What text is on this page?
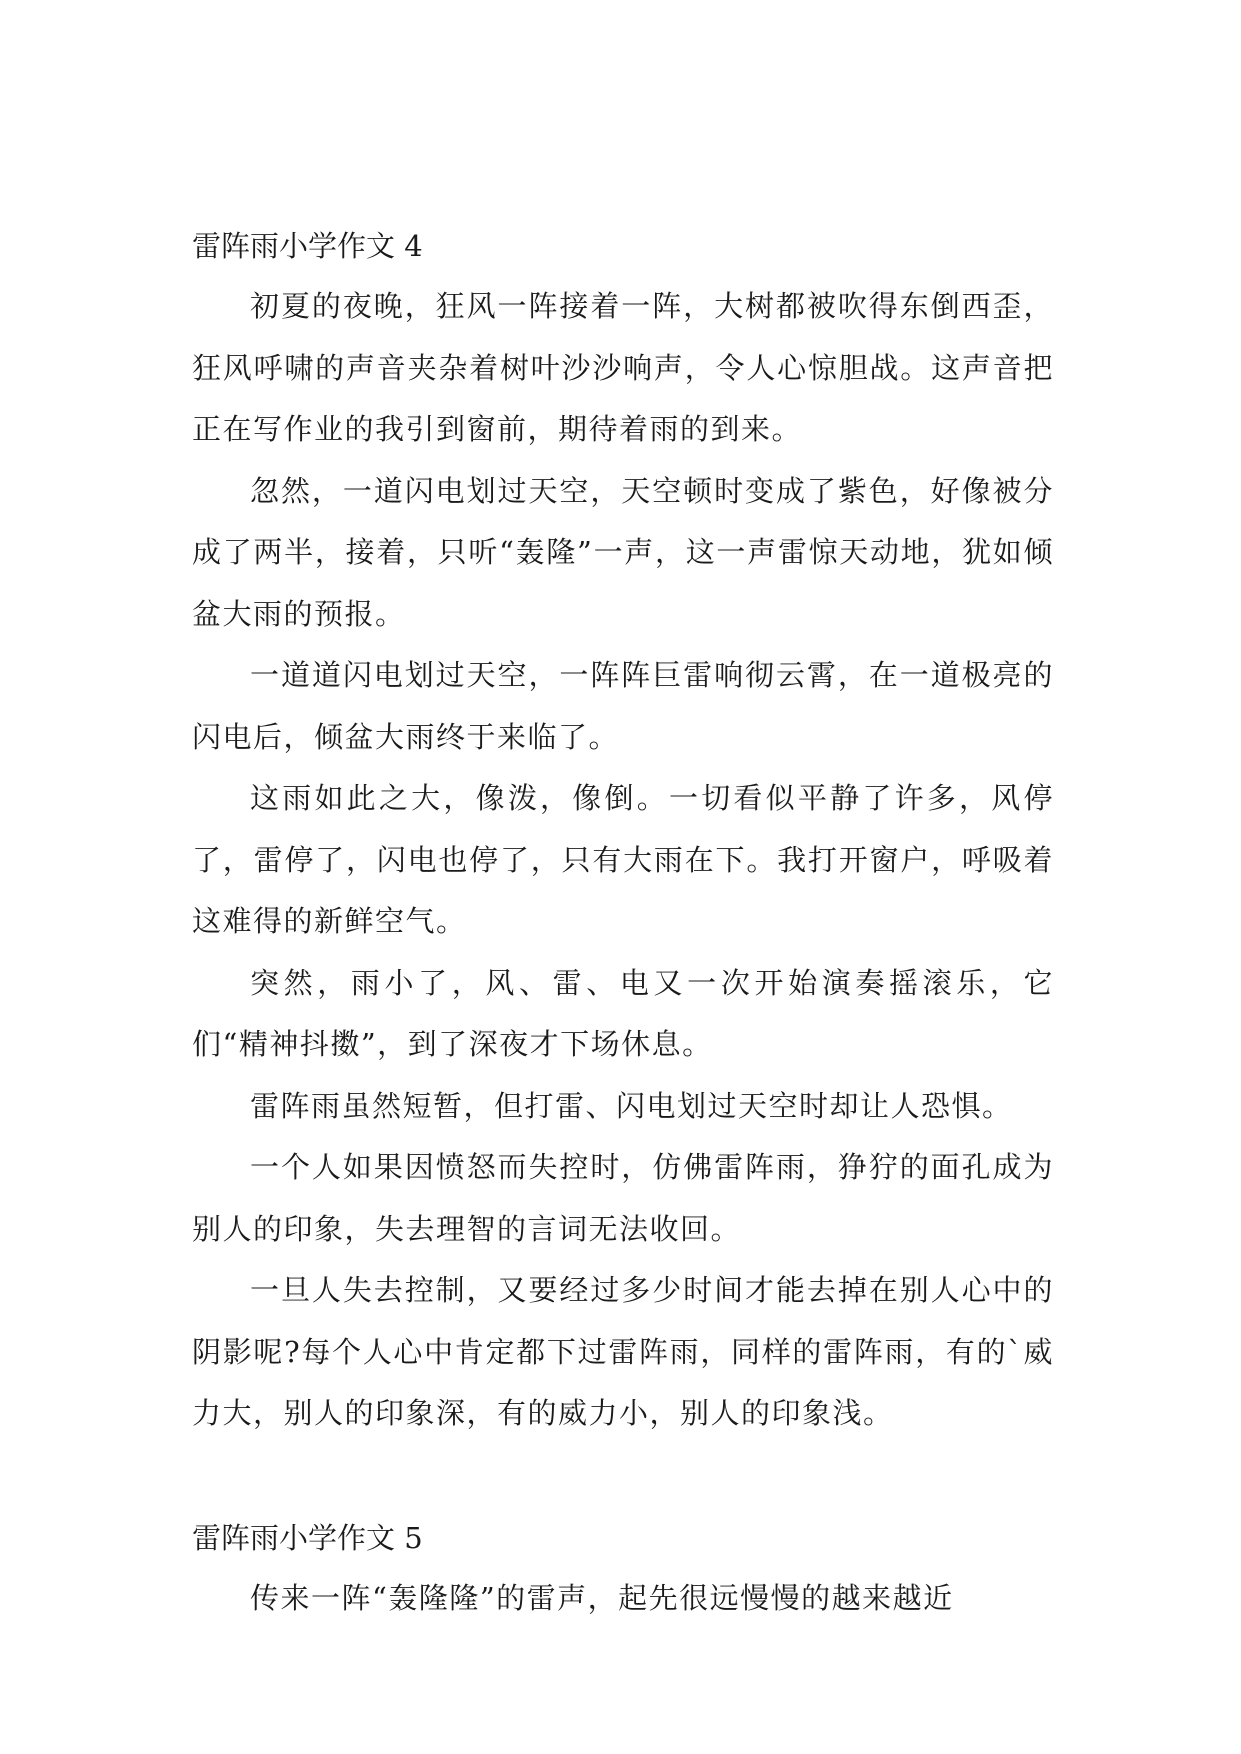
雷阵雨小学作文 4

初夏的夜晚，狂风一阵接着一阵，大树都被吹得东倒西歪，狂风呼啸的声音夹杂着树叶沙沙响声，令人心惊胆战。这声音把正在写作业的我引到窗前，期待着雨的到来。

忽然，一道闪电划过天空，天空顿时变成了紫色，好像被分成了两半，接着，只听“轰隆”一声，这一声雷惊天动地，犹如倾盆大雨的预报。

一道道闪电划过天空，一阵阵巨雷响彻云霄，在一道极亮的闪电后，倾盆大雨终于来临了。

这雨如此之大，像泼，像倒。一切看似平静了许多，风停了，雷停了，闪电也停了，只有大雨在下。我打开窗户，呼吸着这难得的新鲜空气。

突然，雨小了，风、雷、电又一次开始演奏摇滚乐，它们“精神抖擞”，到了深夜才下场休息。

雷阵雨虽然短暂，但打雷、闪电划过天空时却让人恐惧。

一个人如果因愤怒而失控时，仿佛雷阵雨，狰狞的面孔成为别人的印象，失去理智的言词无法收回。

一旦人失去控制，又要经过多少时间才能去掉在别人心中的阴影呢?每个人心中肯定都下过雷阵雨，同样的雷阵雨，有的`威力大，别人的印象深，有的威力小，别人的印象浅。

雷阵雨小学作文 5

传来一阵“轰隆隆”的雷声，起先很远慢慢的越来越近
